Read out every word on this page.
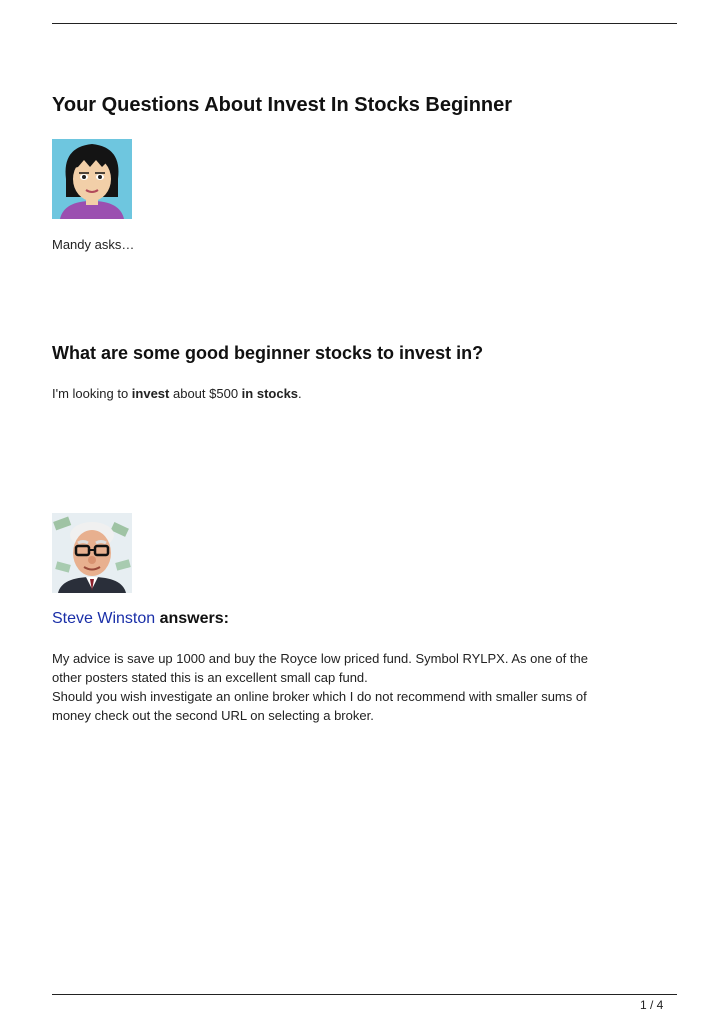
Your Questions About Invest In Stocks Beginner

Mandy asks…

What are some good beginner stocks to invest in?

I'm looking to invest about $500 in stocks.

Steve Winston answers:

My advice is save up 1000 and buy the Royce low priced fund. Symbol RYLPX. As one of the
other posters stated this is an excellent small cap fund.
Should you wish investigate an online broker which I do not recommend with smaller sums of
money check out the second URL on selecting a broker.

1 / 4
